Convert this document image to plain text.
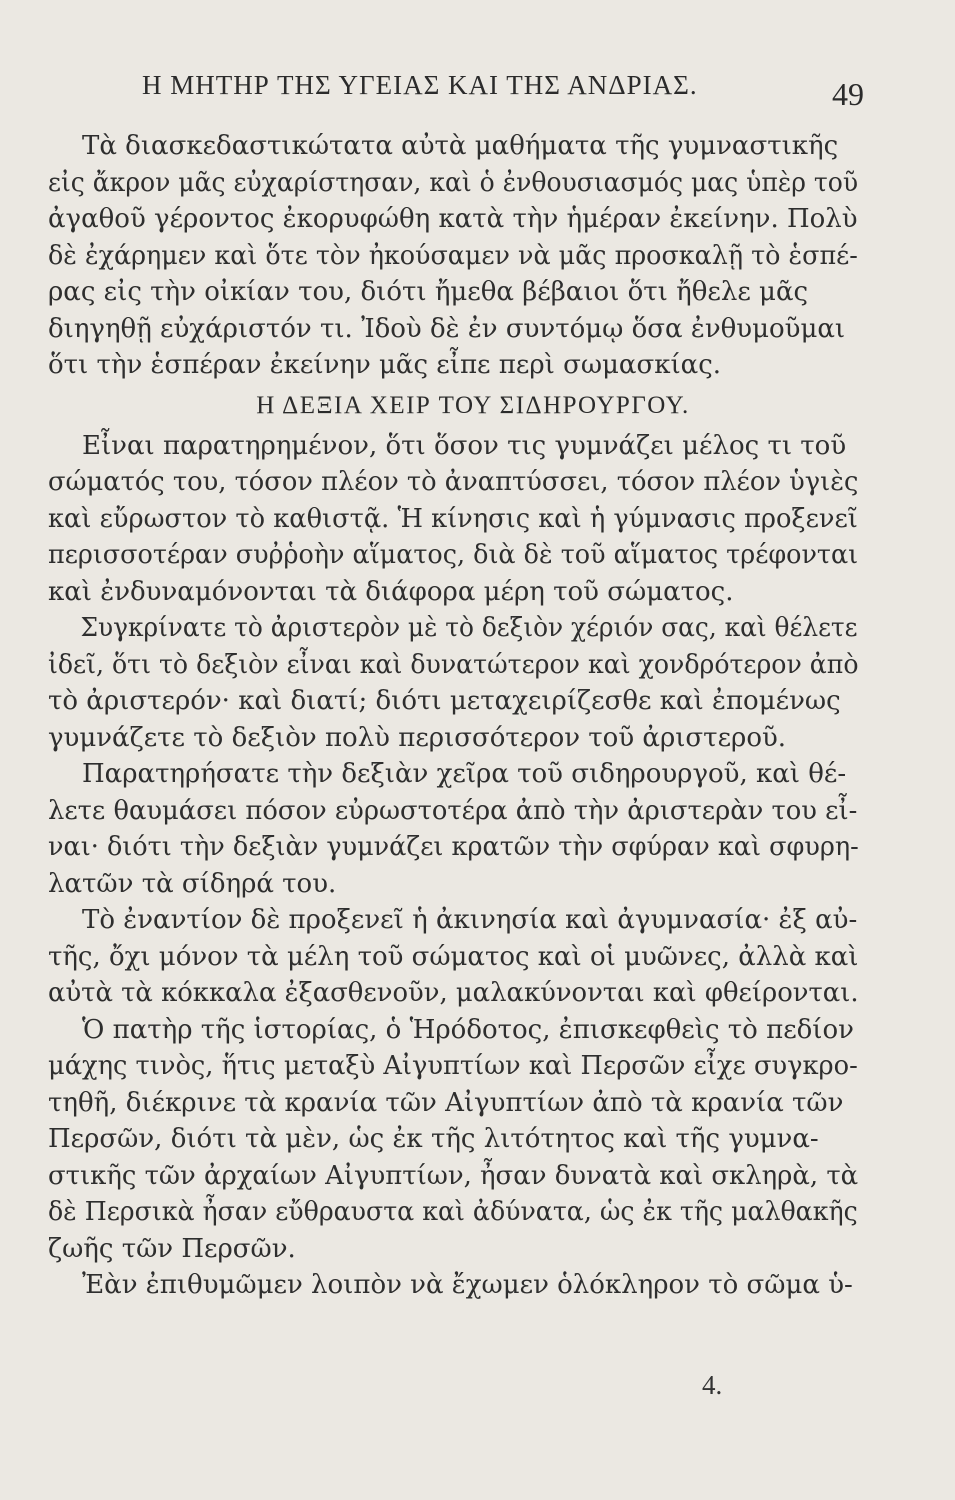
Η ΜΗΤΗΡ ΤΗΣ ΥΓΕΙΑΣ ΚΑΙ ΤΗΣ ΑΝΔΡΙΑΣ.	49
Τὰ διασκεδαστικώτατα αὐτὰ μαθήματα τῆς γυμναστικῆς
εἰς ἄκρον μᾶς εὐχαρίστησαν, καὶ ὁ ἐνθουσιασμός μας ὑπὲρ τοῦ
ἀγαθοῦ γέροντος ἐκορυφώθη κατὰ τὴν ἡμέραν ἐκείνην. Πολὺ
δὲ ἐχάρημεν καὶ ὅτε τὸν ἠκούσαμεν νὰ μᾶς προσκαλῇ τὸ ἑσπέ-
ρας εἰς τὴν οἰκίαν του, διότι ἤμεθα βέβαιοι ὅτι ἤθελε μᾶς
διηγηθῇ εὐχάριστόν τι. Ἰδοὺ δὲ ἐν συντόμῳ ὅσα ἐνθυμοῦμαι
ὅτι τὴν ἑσπέραν ἐκείνην μᾶς εἶπε περὶ σωμασκίας.
Η ΔΕΞΙΑ ΧΕΙΡ ΤΟΥ ΣΙΔΗΡΟΥΡΓΟΥ.
Εἶναι παρατηρημένον, ὅτι ὅσον τις γυμνάζει μέλος τι τοῦ
σώματός του, τόσον πλέον τὸ ἀναπτύσσει, τόσον πλέον ὑγιὲς
καὶ εὔρωστον τὸ καθιστᾷ. Ἡ κίνησις καὶ ἡ γύμνασις προξενεῖ
περισσοτέραν συῤῥοὴν αἵματος, διὰ δὲ τοῦ αἵματος τρέφονται
καὶ ἐνδυναμόνονται τὰ διάφορα μέρη τοῦ σώματος.
Συγκρίνατε τὸ ἀριστερὸν μὲ τὸ δεξιὸν χέριόν σας, καὶ θέλετε
ἰδεῖ, ὅτι τὸ δεξιὸν εἶναι καὶ δυνατώτερον καὶ χονδρότερον ἀπὸ
τὸ ἀριστερόν· καὶ διατί; διότι μεταχειρίζεσθε καὶ ἐπομένως
γυμνάζετε τὸ δεξιὸν πολὺ περισσότερον τοῦ ἀριστεροῦ.
Παρατηρήσατε τὴν δεξιὰν χεῖρα τοῦ σιδηρουργοῦ, καὶ θέ-
λετε θαυμάσει πόσον εὐρωστοτέρα ἀπὸ τὴν ἀριστερὰν του εἶ-
ναι· διότι τὴν δεξιὰν γυμνάζει κρατῶν τὴν σφύραν καὶ σφυρη-
λατῶν τὰ σίδηρά του.
Τὸ ἐναντίον δὲ προξενεῖ ἡ ἀκινησία καὶ ἀγυμνασία· ἐξ αὐ-
τῆς, ὄχι μόνον τὰ μέλη τοῦ σώματος καὶ οἱ μυῶνες, ἀλλὰ καὶ
αὐτὰ τὰ κόκκαλα ἐξασθενοῦν, μαλακύνονται καὶ φθείρονται.
Ὁ πατὴρ τῆς ἱστορίας, ὁ Ἡρόδοτος, ἐπισκεφθεὶς τὸ πεδίον
μάχης τινὸς, ἥτις μεταξὺ Αἰγυπτίων καὶ Περσῶν εἶχε συγκρο-
τηθῆ, διέκρινε τὰ κρανία τῶν Αἰγυπτίων ἀπὸ τὰ κρανία τῶν
Περσῶν, διότι τὰ μὲν, ὡς ἐκ τῆς λιτότητος καὶ τῆς γυμνα-
στικῆς τῶν ἀρχαίων Αἰγυπτίων, ἦσαν δυνατὰ καὶ σκληρὰ, τὰ
δὲ Περσικὰ ἦσαν εὔθραυστα καὶ ἀδύνατα, ὡς ἐκ τῆς μαλθακῆς
ζωῆς τῶν Περσῶν.
Ἐὰν ἐπιθυμῶμεν λοιπὸν νὰ ἔχωμεν ὁλόκληρον τὸ σῶμα ὑ-
4.
